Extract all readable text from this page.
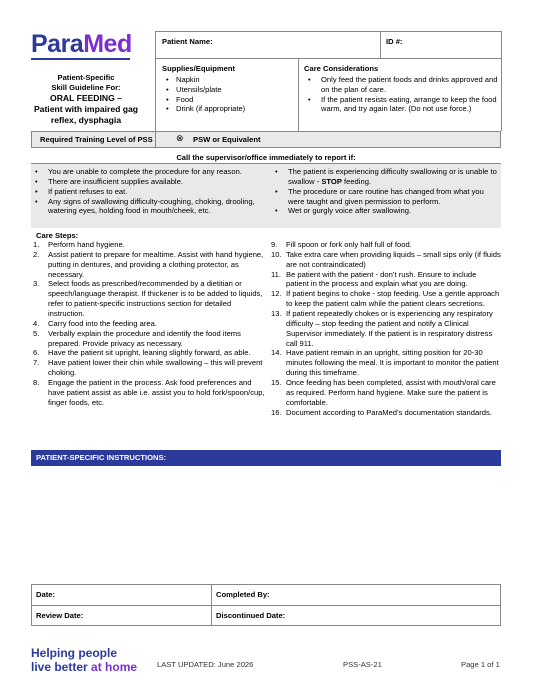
ParaMed	Patient Name:	ID #:
Patient-Specific
Skill Guideline For:
ORAL FEEDING –
Patient with impaired gag
reflex, dysphagia
Supplies/Equipment
• Napkin
• Utensils/plate
• Food
• Drink (if appropriate)
Care Considerations
• Only feed the patient foods and drinks approved and on the plan of care.
• If the patient resists eating, arrange to keep the food warm, and try again later. (Do not use force.)
Required Training Level of PSS	⊗ PSW or Equivalent
Call the supervisor/office immediately to report if:
• You are unable to complete the procedure for any reason.
• There are insufficient supplies available.
• If patient refuses to eat.
• Any signs of swallowing difficulty-coughing, choking, drooling, watering eyes, holding food in mouth/cheek, etc.
• The patient is experiencing difficulty swallowing or is unable to swallow - STOP feeding.
• The procedure or care routine has changed from what you were taught and given permission to perform.
• Wet or gurgly voice after swallowing.
Care Steps:
1. Perform hand hygiene.
2. Assist patient to prepare for mealtime. Assist with hand hygiene, putting in dentures, and providing a clothing protector, as necessary.
3. Select foods as prescribed/recommended by a dietitian or speech/language therapist. If thickener is to be added to liquids, refer to patient-specific instructions section for detailed instruction.
4. Carry food into the feeding area.
5. Verbally explain the procedure and identify the food items prepared. Provide privacy as necessary.
6. Have the patient sit upright, leaning slightly forward, as able.
7. Have patient lower their chin while swallowing – this will prevent choking.
8. Engage the patient in the process. Ask food preferences and have patient assist as able i.e. assist you to hold fork/spoon/cup, finger foods, etc.
9. Fill spoon or fork only half full of food.
10. Take extra care when providing liquids – small sips only (if fluids are not contraindicated)
11. Be patient with the patient - don’t rush. Ensure to include patient in the process and explain what you are doing.
12. If patient begins to choke - stop feeding. Use a gentle approach to keep the patient calm while the patient clears secretions.
13. If patient repeatedly chokes or is experiencing any respiratory difficulty – stop feeding the patient and notify a Clinical Supervisor immediately. If the patient is in respiratory distress call 911.
14. Have patient remain in an upright, sitting position for 20-30 minutes following the meal. It is important to monitor the patient during this timeframe.
15. Once feeding has been completed, assist with mouth/oral care as required. Perform hand hygiene. Make sure the patient is comfortable.
16. Document according to ParaMed’s documentation standards.
PATIENT-SPECIFIC INSTRUCTIONS:
Date:	Completed By:
Review Date:	Discontinued Date:
Helping people
live better at home	LAST UPDATED: June 2026	PSS-AS-21	Page 1 of 1
